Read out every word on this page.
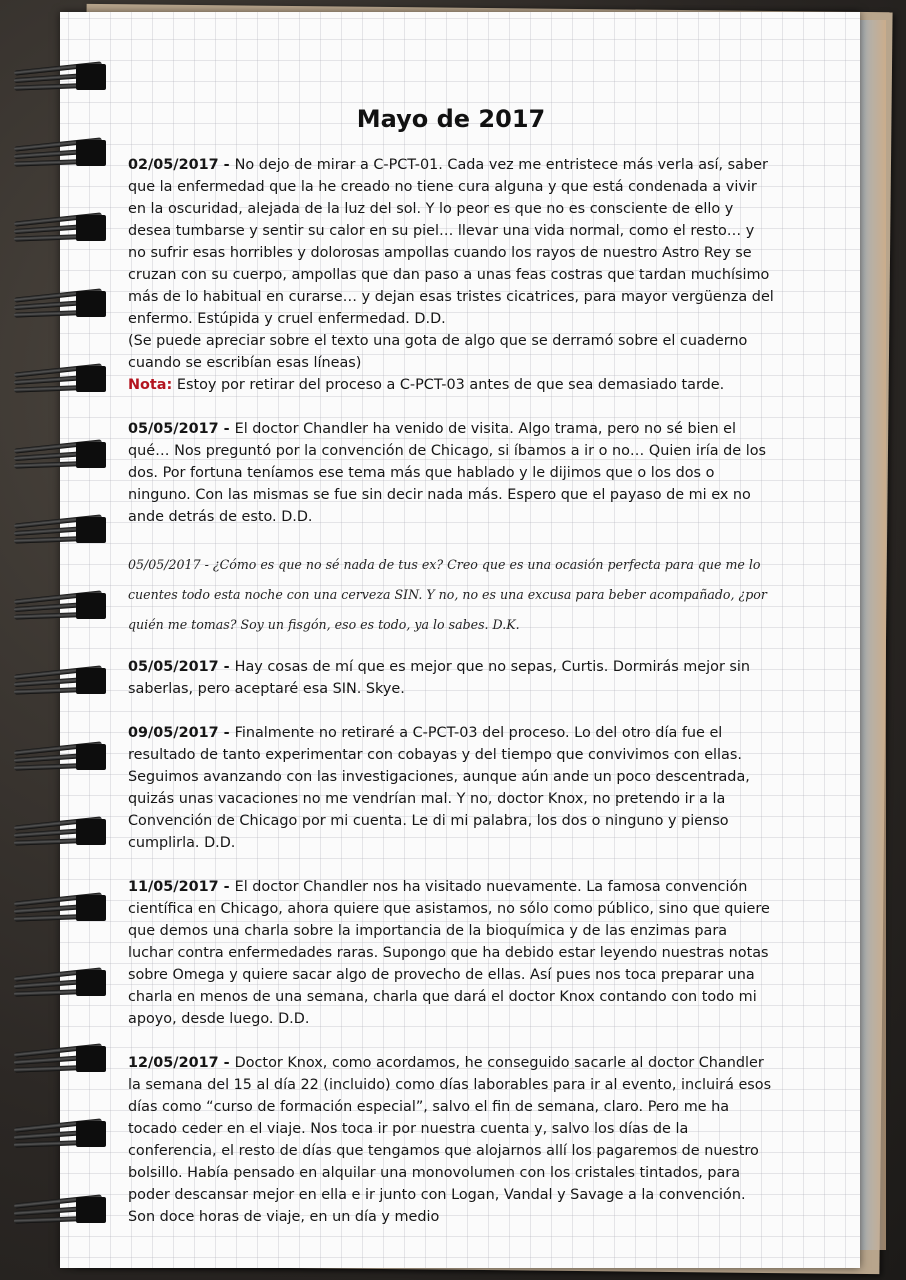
Mayo de 2017
02/05/2017 - No dejo de mirar a C-PCT-01. Cada vez me entristece más verla así, saber que la enfermedad que la he creado no tiene cura alguna y que está condenada a vivir en la oscuridad, alejada de la luz del sol. Y lo peor es que no es consciente de ello y desea tumbarse y sentir su calor en su piel… llevar una vida normal, como el resto… y no sufrir esas horribles y dolorosas ampollas cuando los rayos de nuestro Astro Rey se cruzan con su cuerpo, ampollas que dan paso a unas feas costras que tardan muchísimo más de lo habitual en curarse… y dejan esas tristes cicatrices, para mayor vergüenza del enfermo. Estúpida y cruel enfermedad. D.D.
(Se puede apreciar sobre el texto una gota de algo que se derramó sobre el cuaderno cuando se escribían esas líneas)
Nota: Estoy por retirar del proceso a C-PCT-03 antes de que sea demasiado tarde.
05/05/2017 - El doctor Chandler ha venido de visita. Algo trama, pero no sé bien el qué… Nos preguntó por la convención de Chicago, si íbamos a ir o no… Quien iría de los dos. Por fortuna teníamos ese tema más que hablado y le dijimos que o los dos o ninguno. Con las mismas se fue sin decir nada más. Espero que el payaso de mi ex no ande detrás de esto. D.D.
05/05/2017 - ¿Cómo es que no sé nada de tus ex? Creo que es una ocasión perfecta para que me lo cuentes todo esta noche con una cerveza SIN. Y no, no es una excusa para beber acompañado, ¿por quién me tomas? Soy un fisgón, eso es todo, ya lo sabes. D.K.
05/05/2017 - Hay cosas de mí que es mejor que no sepas, Curtis. Dormirás mejor sin saberlas, pero aceptaré esa SIN. Skye.
09/05/2017 - Finalmente no retiraré a C-PCT-03 del proceso. Lo del otro día fue el resultado de tanto experimentar con cobayas y del tiempo que convivimos con ellas. Seguimos avanzando con las investigaciones, aunque aún ande un poco descentrada, quizás unas vacaciones no me vendrían mal. Y no, doctor Knox, no pretendo ir a la Convención de Chicago por mi cuenta. Le di mi palabra, los dos o ninguno y pienso cumplirla. D.D.
11/05/2017 - El doctor Chandler nos ha visitado nuevamente. La famosa convención científica en Chicago, ahora quiere que asistamos, no sólo como público, sino que quiere que demos una charla sobre la importancia de la bioquímica y de las enzimas para luchar contra enfermedades raras. Supongo que ha debido estar leyendo nuestras notas sobre Omega y quiere sacar algo de provecho de ellas. Así pues nos toca preparar una charla en menos de una semana, charla que dará el doctor Knox contando con todo mi apoyo, desde luego. D.D.
12/05/2017 - Doctor Knox, como acordamos, he conseguido sacarle al doctor Chandler la semana del 15 al día 22 (incluido) como días laborables para ir al evento, incluirá esos días como “curso de formación especial”, salvo el fin de semana, claro. Pero me ha tocado ceder en el viaje. Nos toca ir por nuestra cuenta y, salvo los días de la conferencia, el resto de días que tengamos que alojarnos allí los pagaremos de nuestro bolsillo. Había pensado en alquilar una monovolumen con los cristales tintados, para poder descansar mejor en ella e ir junto con Logan, Vandal y Savage a la convención. Son doce horas de viaje, en un día y medio
